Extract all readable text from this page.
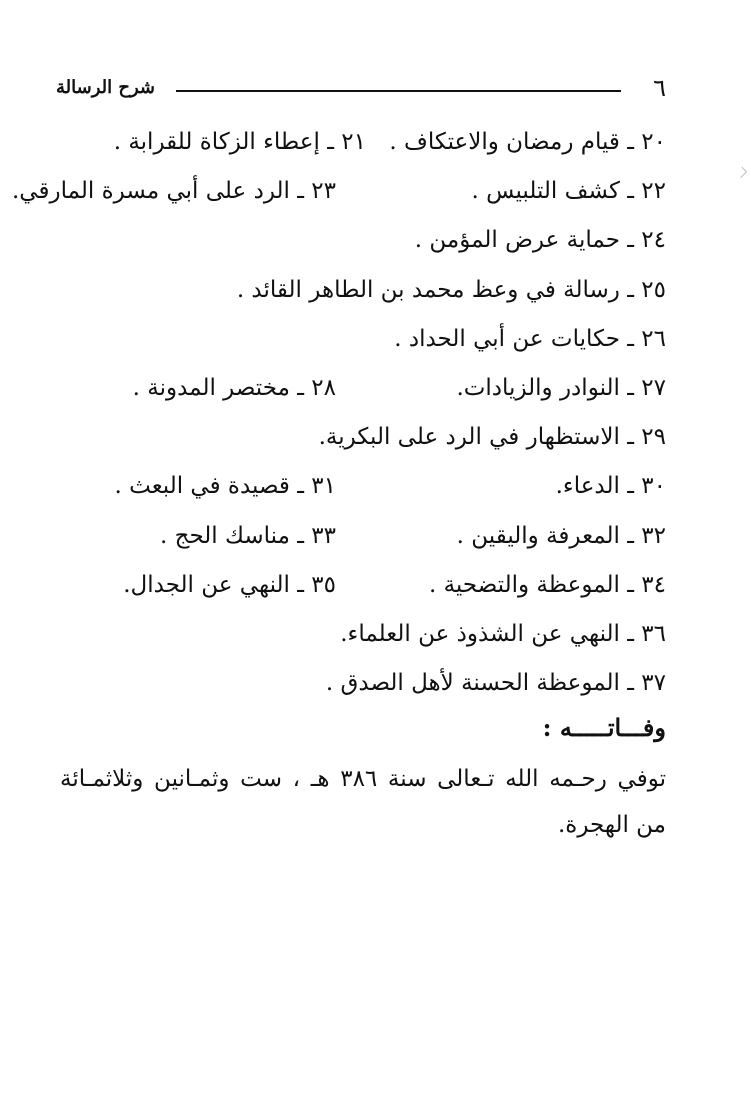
٦
شرح الرسالة
٢٠ ـ قيام رمضان والاعتكاف .
٢١ ـ إعطاء الزكاة للقرابة .
٢٢ ـ كشف التلبيس .
٢٣ ـ الرد على أبي مسرة المارقي.
٢٤ ـ حماية عرض المؤمن .
٢٥ ـ رسالة في وعظ محمد بن الطاهر القائد .
٢٦ ـ حكايات عن أبي الحداد .
٢٧ ـ النوادر والزيادات.
٢٨ ـ مختصر المدونة .
٢٩ ـ الاستظهار في الرد على البكرية.
٣٠ ـ الدعاء.
٣١ ـ قصيدة في البعث .
٣٢ ـ المعرفة واليقين .
٣٣ ـ مناسك الحج .
٣٤ ـ الموعظة والتضحية .
٣٥ ـ النهي عن الجدال.
٣٦ ـ النهي عن الشذوذ عن العلماء.
٣٧ ـ الموعظة الحسنة لأهل الصدق .
وفـــاتـــــه :

توفي رحـمه الله تـعالى سنة ٣٨٦ هـ ، ست وثمـانين وثلاثمـائة من الهجرة.
